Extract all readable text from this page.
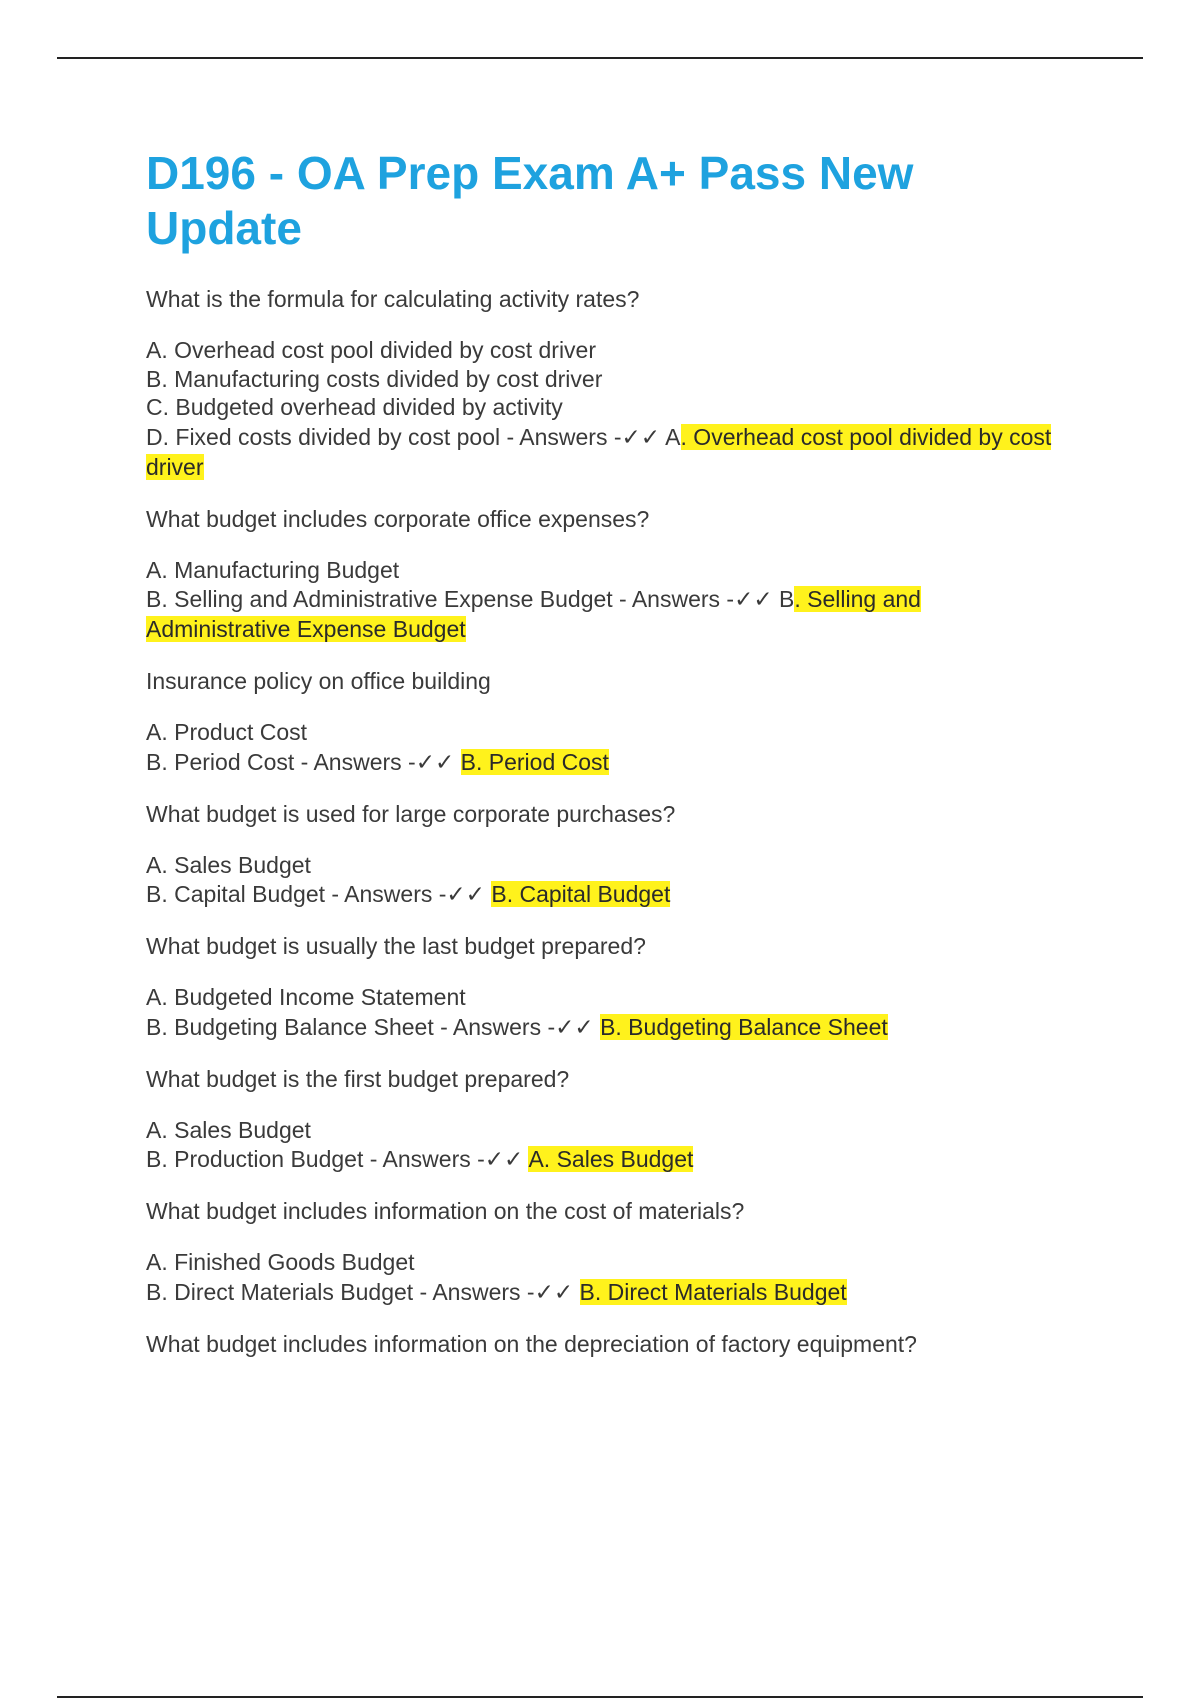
D196 - OA Prep Exam A+ Pass New Update
What is the formula for calculating activity rates?
A. Overhead cost pool divided by cost driver
B. Manufacturing costs divided by cost driver
C. Budgeted overhead divided by activity
D. Fixed costs divided by cost pool - Answers -✓✓ A. Overhead cost pool divided by cost driver
What budget includes corporate office expenses?
A. Manufacturing Budget
B. Selling and Administrative Expense Budget - Answers -✓✓ B. Selling and Administrative Expense Budget
Insurance policy on office building
A. Product Cost
B. Period Cost - Answers -✓✓ B. Period Cost
What budget is used for large corporate purchases?
A. Sales Budget
B. Capital Budget - Answers -✓✓ B. Capital Budget
What budget is usually the last budget prepared?
A. Budgeted Income Statement
B. Budgeting Balance Sheet - Answers -✓✓ B. Budgeting Balance Sheet
What budget is the first budget prepared?
A. Sales Budget
B. Production Budget - Answers -✓✓ A. Sales Budget
What budget includes information on the cost of materials?
A. Finished Goods Budget
B. Direct Materials Budget - Answers -✓✓ B. Direct Materials Budget
What budget includes information on the depreciation of factory equipment?
